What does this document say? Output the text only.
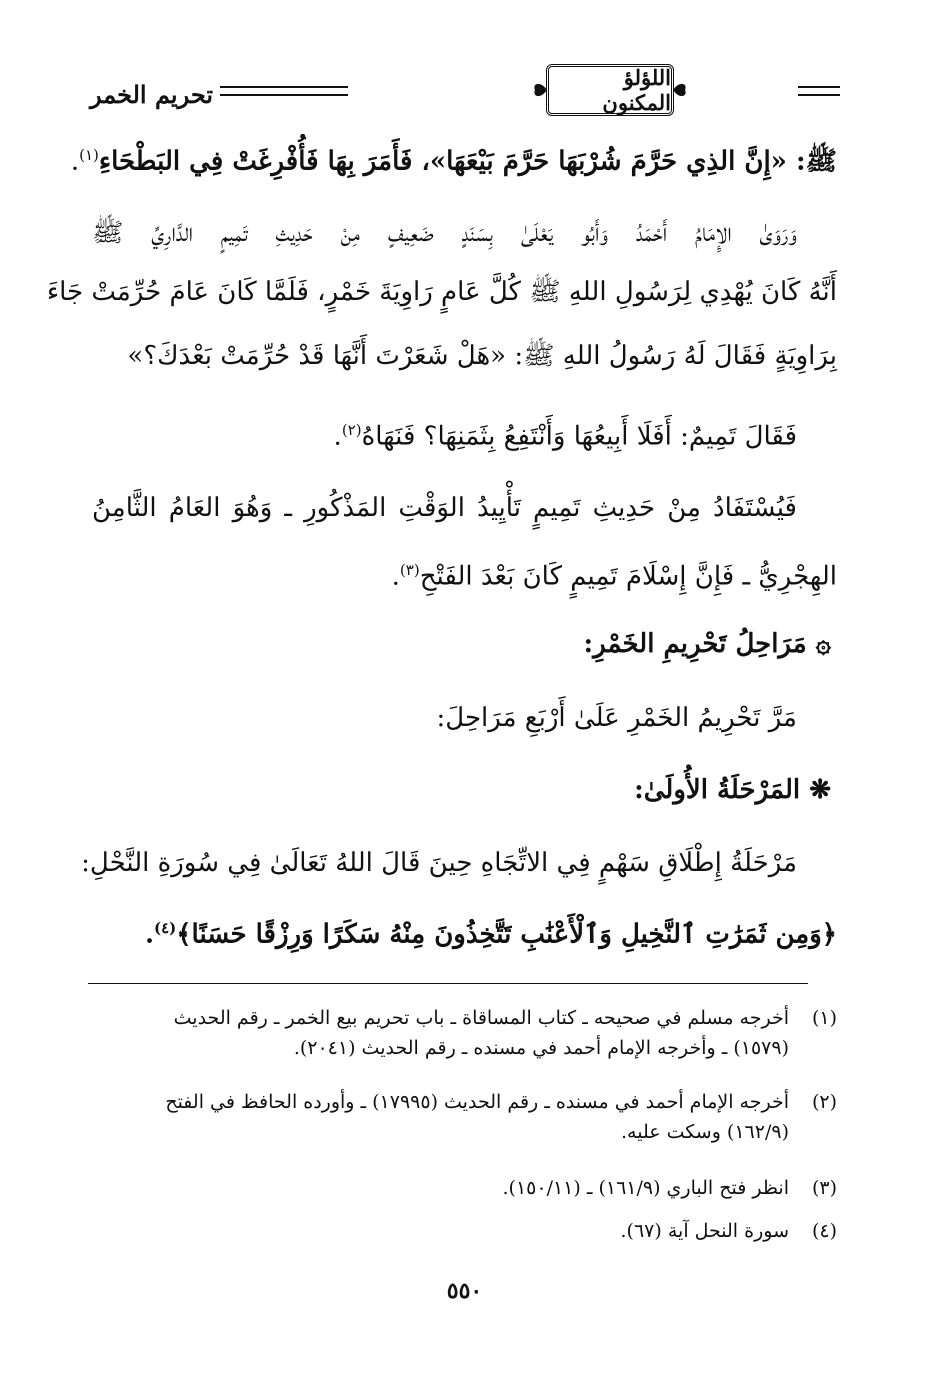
اللؤلؤ المكنون
تحريم الخمر
ﷺ: «إِنَّ الذِي حَرَّمَ شُرْبَهَا حَرَّمَ بَيْعَهَا»، فَأَمَرَ بِهَا فَأُفْرِغَتْ فِي البَطْحَاءِ$^{(١)}$.
وَرَوَىٰ الإِمَامُ أَحْمَدُ وَأَبُو يَعْلَىٰ بِسَنَدٍ ضَعِيفٍ مِنْ حَدِيثِ تَمِيمٍ الدَّارِيِّ ﷺ
أَنَّهُ كَانَ يُهْدِي لِرَسُولِ اللهِ ﷺ كُلَّ عَامٍ رَاوِيَةَ خَمْرٍ، فَلَمَّا كَانَ عَامَ حُرِّمَتْ جَاءَ
بِرَاوِيَةٍ فَقَالَ لَهُ رَسُولُ اللهِ ﷺ: «هَلْ شَعَرْتَ أَنَّهَا قَدْ حُرِّمَتْ بَعْدَكَ؟»
فَقَالَ تَمِيمٌ: أَفَلَا أَبِيعُهَا وَأَنْتَفِعُ بِثَمَنِهَا؟ فَنَهَاهُ$^{(٢)}$.
فَيُسْتَفَادُ مِنْ حَدِيثِ تَمِيمٍ تَأْيِيدُ الوَقْتِ المَذْكُورِ ـ وَهُوَ العَامُ الثَّامِنُ
الهِجْرِيُّ ـ فَإِنَّ إِسْلَامَ تَمِيمٍ كَانَ بَعْدَ الفَتْحِ$^{(٣)}$.
۞ مَرَاحِلُ تَحْرِيمِ الخَمْرِ:
مَرَّ تَحْرِيمُ الخَمْرِ عَلَىٰ أَرْبَعِ مَرَاحِلَ:
❋ المَرْحَلَةُ الأُولَىٰ:
مَرْحَلَةُ إِطْلَاقِ سَهْمٍ فِي الاتِّجَاهِ حِينَ قَالَ اللهُ تَعَالَىٰ فِي سُورَةِ النَّحْلِ:
﴿وَمِن ثَمَرَٰتِ ٱلنَّخِيلِ وَٱلْأَعْنَٰبِ تَتَّخِذُونَ مِنْهُ سَكَرًا وَرِزْقًا حَسَنًا﴾$^{(٤)}$.
(١)أخرجه مسلم في صحيحه ـ كتاب المساقاة ـ باب تحريم بيع الخمر ـ رقم الحديث
(١٥٧٩) ـ وأخرجه الإمام أحمد في مسنده ـ رقم الحديث (٢٠٤١).
(٢)أخرجه الإمام أحمد في مسنده ـ رقم الحديث (١٧٩٩٥) ـ وأورده الحافظ في الفتح
(١٦٢/٩) وسكت عليه.
(٣)انظر فتح الباري (١٦١/٩) ـ (١٥٠/١١).
(٤)سورة النحل آية (٦٧).
٥٥٠
